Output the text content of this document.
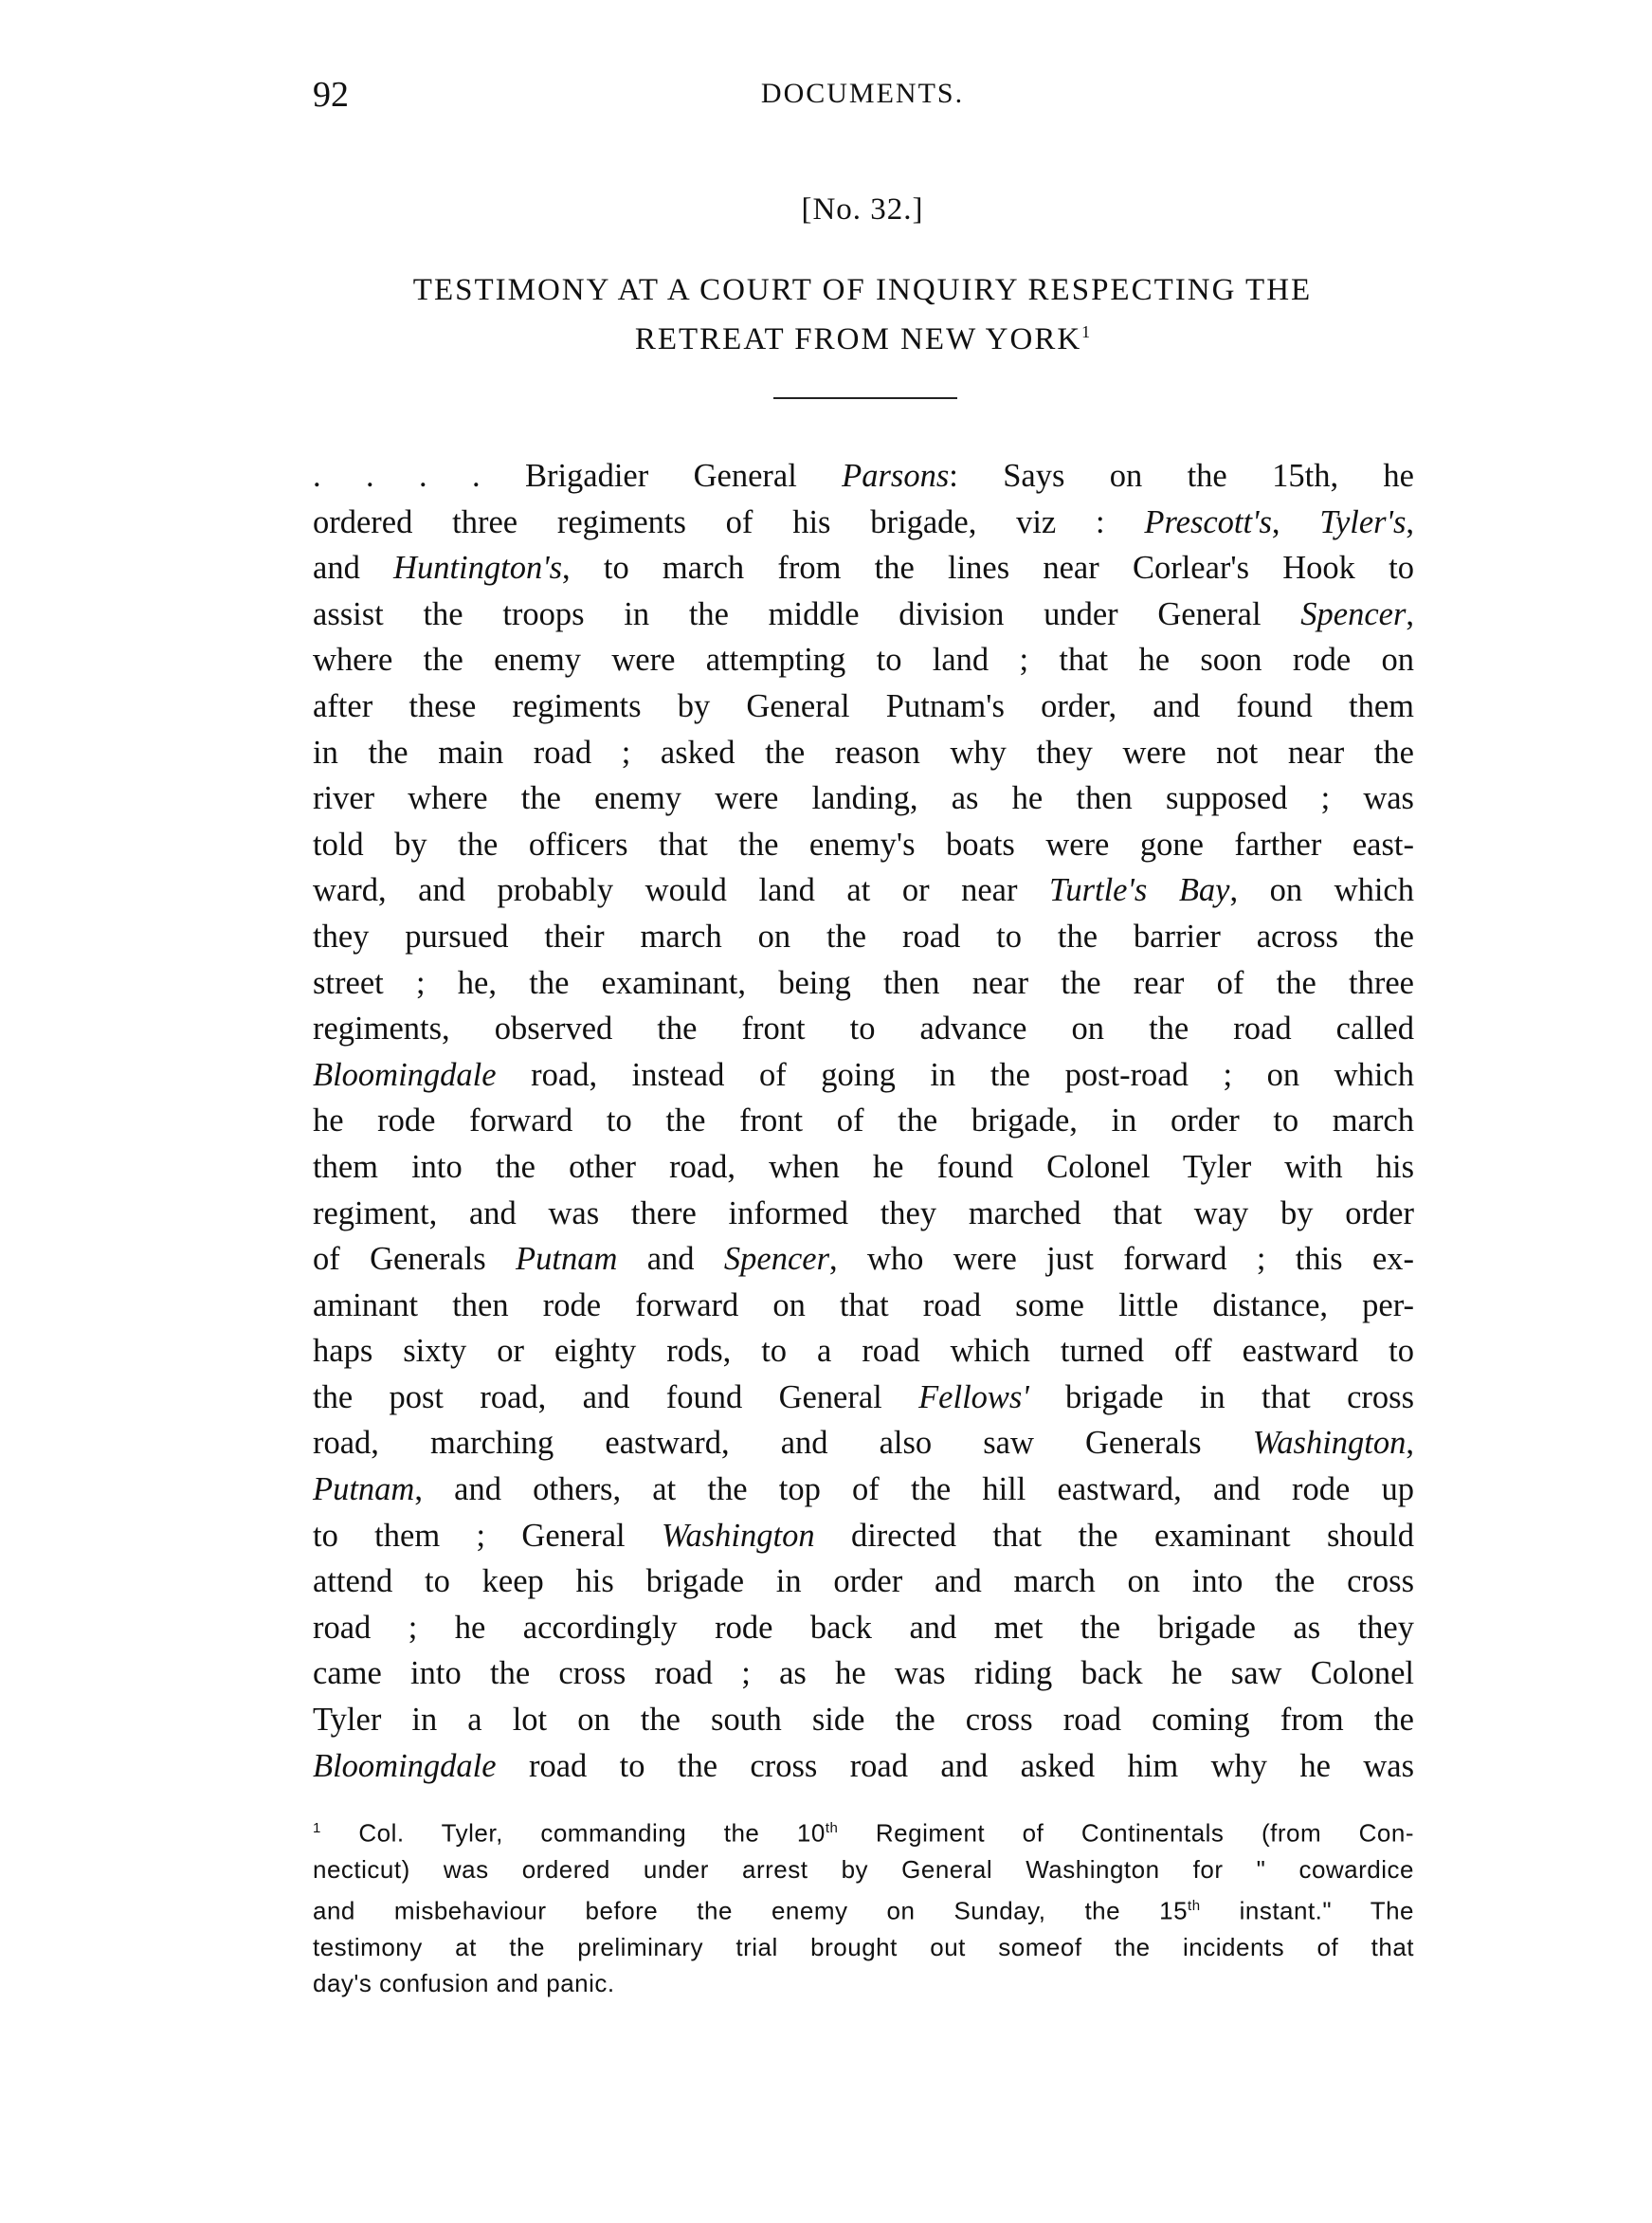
92	DOCUMENTS.
[No. 32.]
TESTIMONY AT A COURT OF INQUIRY RESPECTING THE
RETREAT FROM NEW YORK$^1$
. . . . Brigadier General Parsons: Says on the 15th, he
ordered three regiments of his brigade, viz : Prescott's, Tyler's,
and Huntington's, to march from the lines near Corlear's Hook to
assist the troops in the middle division under General Spencer,
where the enemy were attempting to land ; that he soon rode on
after these regiments by General Putnam's order, and found them
in the main road ; asked the reason why they were not near the
river where the enemy were landing, as he then supposed ; was
told by the officers that the enemy's boats were gone farther east-
ward, and probably would land at or near Turtle's Bay, on which
they pursued their march on the road to the barrier across the
street ; he, the examinant, being then near the rear of the three
regiments, observed the front to advance on the road called
Bloomingdale road, instead of going in the post-road ; on which
he rode forward to the front of the brigade, in order to march
them into the other road, when he found Colonel Tyler with his
regiment, and was there informed they marched that way by order
of Generals Putnam and Spencer, who were just forward ; this ex-
aminant then rode forward on that road some little distance, per-
haps sixty or eighty rods, to a road which turned off eastward to
the post road, and found General Fellows' brigade in that cross
road, marching eastward, and also saw Generals Washington,
Putnam, and others, at the top of the hill eastward, and rode up
to them ; General Washington directed that the examinant should
attend to keep his brigade in order and march on into the cross
road ; he accordingly rode back and met the brigade as they
came into the cross road ; as he was riding back he saw Colonel
Tyler in a lot on the south side the cross road coming from the
Bloomingdale road to the cross road and asked him why he was
$^1$ Col. Tyler, commanding the 10th Regiment of Continentals (from Con-
necticut) was ordered under arrest by General Washington for " cowardice
and misbehaviour before the enemy on Sunday, the 15th instant." The
testimony at the preliminary trial brought out someof the incidents of that
day's confusion and panic.
